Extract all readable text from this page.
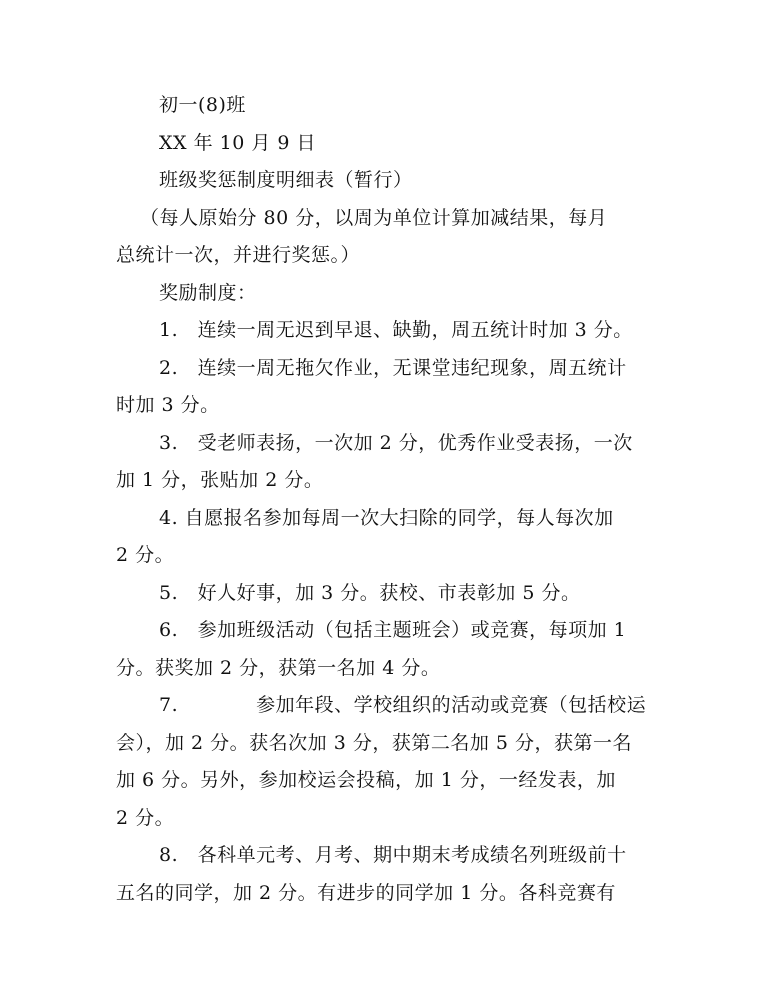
初一(8)班
XX 年 10 月 9 日
班级奖惩制度明细表（暂行）
（每人原始分 80 分，以周为单位计算加减结果，每月
总统计一次，并进行奖惩。）
奖励制度：
1.　连续一周无迟到早退、缺勤，周五统计时加 3 分。
2.　连续一周无拖欠作业，无课堂违纪现象，周五统计
时加 3 分。
3.　受老师表扬，一次加 2 分，优秀作业受表扬，一次
加 1 分，张贴加 2 分。
4. 自愿报名参加每周一次大扫除的同学，每人每次加
2 分。
5.　好人好事，加 3 分。获校、市表彰加 5 分。
6.　参加班级活动（包括主题班会）或竞赛，每项加 1
分。获奖加 2 分，获第一名加 4 分。
7.　　　　参加年段、学校组织的活动或竞赛（包括校运
会），加 2 分。获名次加 3 分，获第二名加 5 分，获第一名
加 6 分。另外，参加校运会投稿，加 1 分，一经发表，加
2 分。
8.　各科单元考、月考、期中期末考成绩名列班级前十
五名的同学，加 2 分。有进步的同学加 1 分。各科竞赛有
